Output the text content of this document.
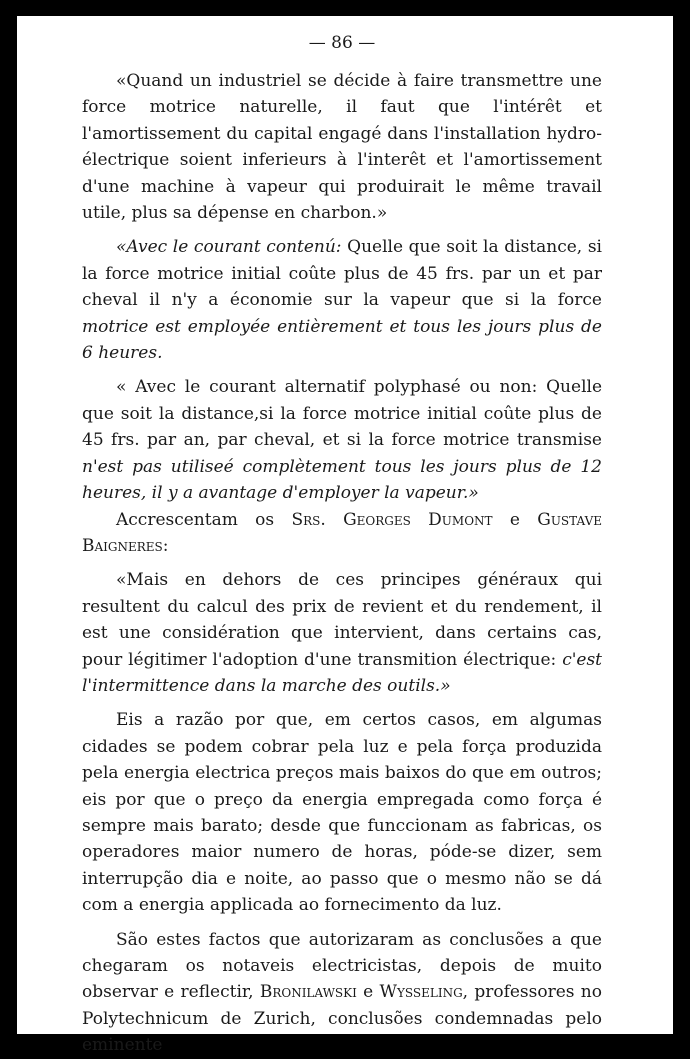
— 86 —

«Quand un industriel se décide à faire transmettre une force motrice naturelle, il faut que l'intérêt et l'amortissement du capital engagé dans l'installation hydro-électrique soient inferieurs à l'interêt et l'amortissement d'une machine à vapeur qui produirait le même travail utile, plus sa dépense en charbon.»

«Avec le courant contenú: Quelle que soit la distance, si la force motrice initial coûte plus de 45 frs. par un et par cheval il n'y a économie sur la vapeur que si la force motrice est employée entièrement et tous les jours plus de 6 heures.

« Avec le courant alternatif polyphasé ou non: Quelle que soit la distance,si la force motrice initial coûte plus de 45 frs. par an, par cheval, et si la force motrice transmise n'est pas utiliseé complètement tous les jours plus de 12 heures, il y a avantage d'employer la vapeur.»

Accrescentam os Srs. Georges Dumont e Gustave Baigneres:

«Mais en dehors de ces principes généraux qui resultent du calcul des prix de revient et du rendement, il est une considération que intervient, dans certains cas, pour légitimer l'adoption d'une transmition électrique: c'est l'intermittence dans la marche des outils.»

Eis a razão por que, em certos casos, em algumas cidades se podem cobrar pela luz e pela força produzida pela energia electrica preços mais baixos do que em outros; eis por que o preço da energia empregada como força é sempre mais barato; desde que funccionam as fabricas, os operadores maior numero de horas, póde-se dizer, sem interrupção dia e noite, ao passo que o mesmo não se dá com a energia applicada ao fornecimento da luz.

São estes factos que autorizaram as conclusões a que chegaram os notaveis electricistas, depois de muito observar e reflectir, Bronilawski e Wysseling, professores no Polytechnicum de Zurich, conclusões condemnadas pelo eminente
